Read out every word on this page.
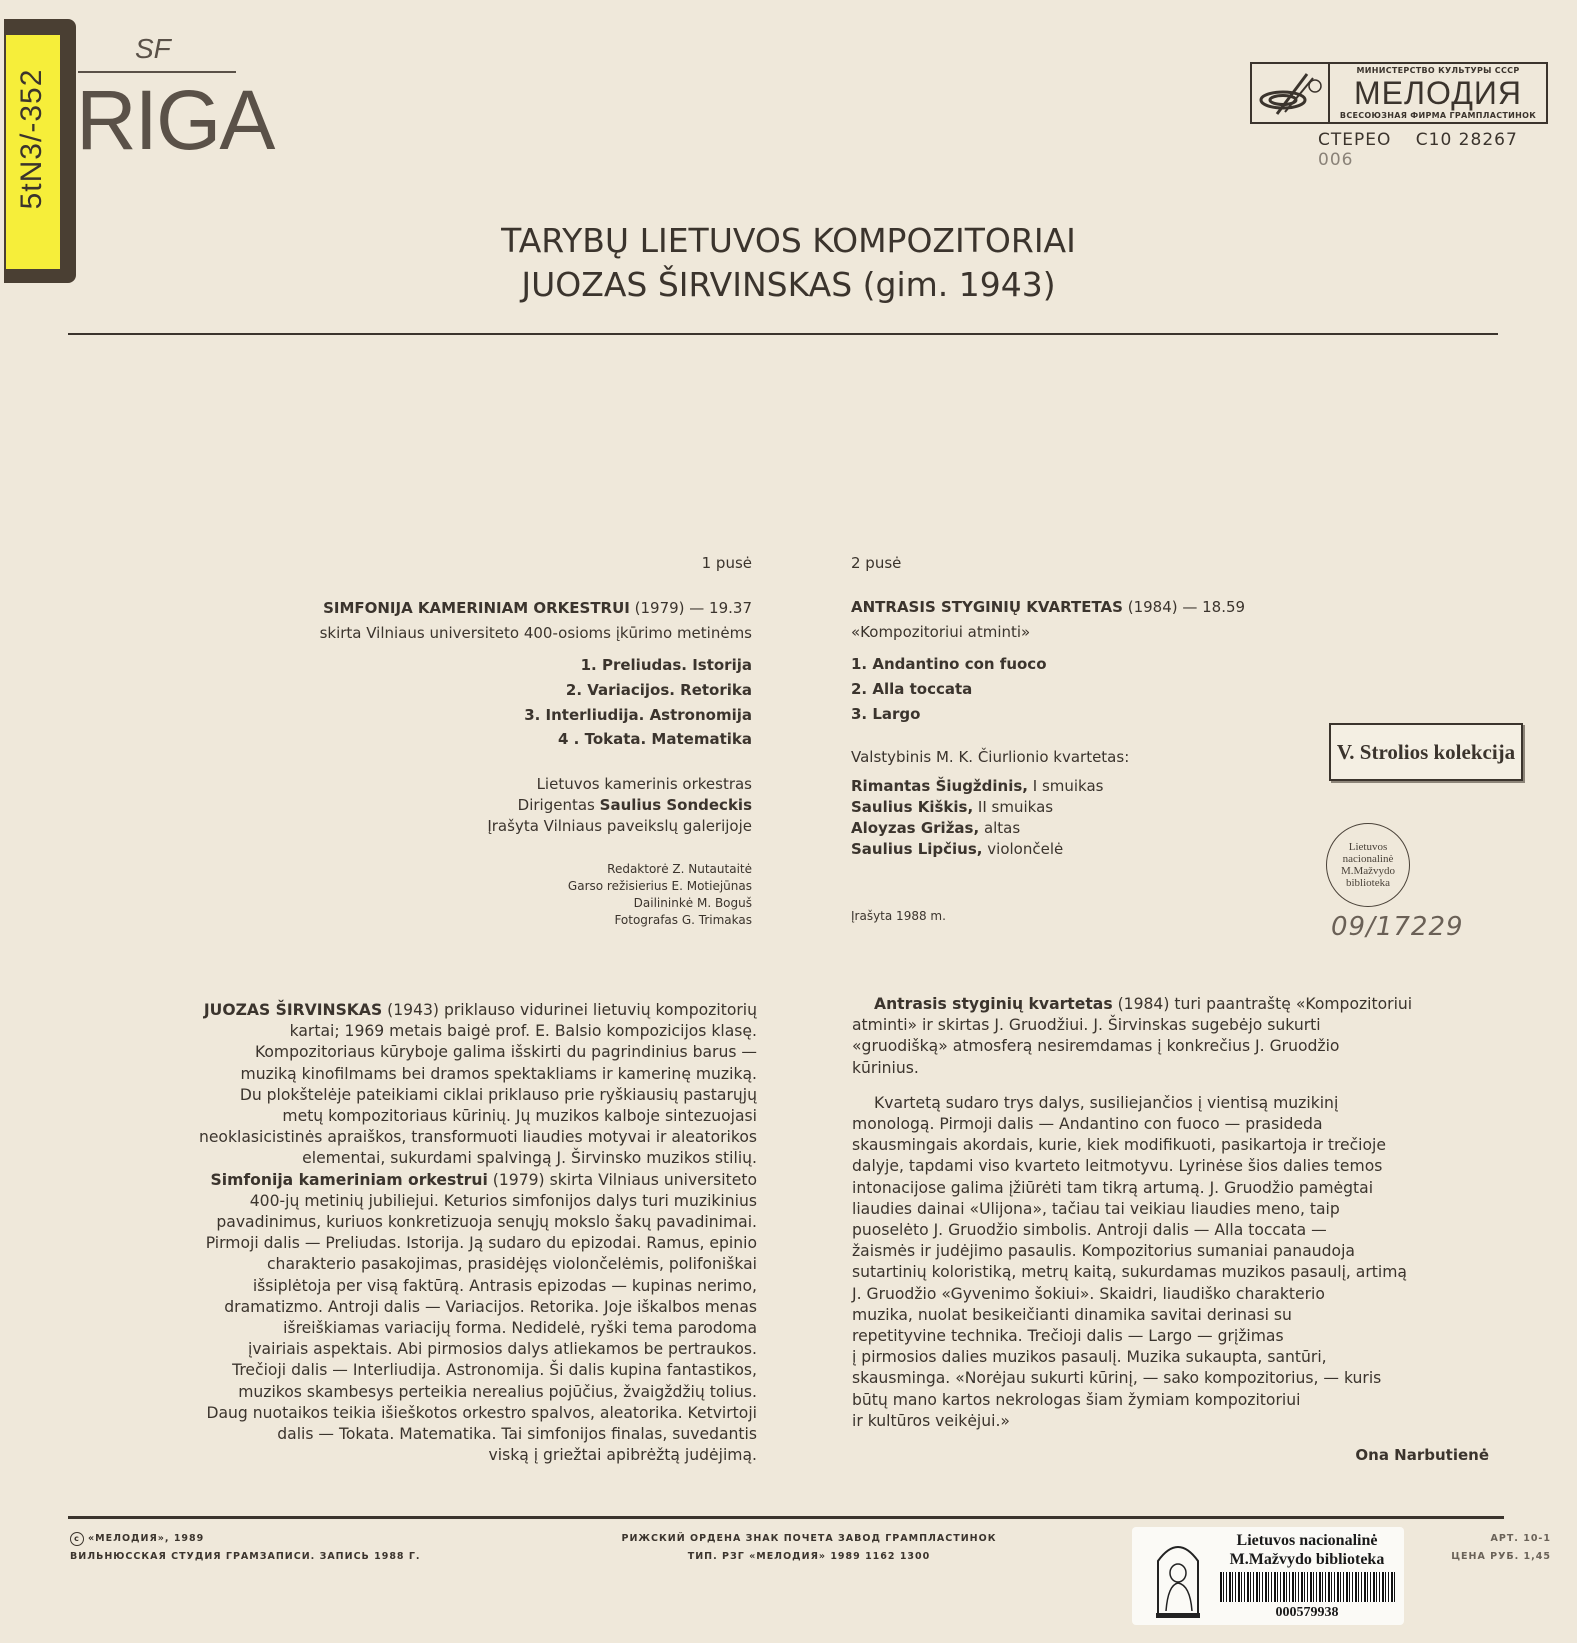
5tN3/-352
SF
RIGA
МИНИСТЕРСТВО КУЛЬТУРЫ СССР
МЕЛОДИЯ
ВСЕСОЮЗНАЯ ФИРМА ГРАМПЛАСТИНОК
СТЕРЕО С10 28267 006
TARYBŲ LIETUVOS KOMPOZITORIAI
JUOZAS ŠIRVINSKAS (gim. 1943)
1 pusė
SIMFONIJA KAMERINIAM ORKESTRUI (1979) — 19.37
skirta Vilniaus universiteto 400-osioms įkūrimo metinėms
1. Preliudas. Istorija
2. Variacijos. Retorika
3. Interliudija. Astronomija
4 . Tokata. Matematika
Lietuvos kamerinis orkestras
Dirigentas Saulius Sondeckis
Įrašyta Vilniaus paveikslų galerijoje
Redaktorė Z. Nutautaitė
Garso režisierius E. Motiejūnas
Dailininkė M. Boguš
Fotografas G. Trimakas
2 pusė
ANTRASIS STYGINIŲ KVARTETAS (1984) — 18.59
«Kompozitoriui atminti»
1. Andantino con fuoco
2. Alla toccata
3. Largo
Valstybinis M. K. Čiurlionio kvartetas:
Rimantas Šiugždinis, I smuikas
Saulius Kiškis, II smuikas
Aloyzas Grižas, altas
Saulius Lipčius, violončelė
Įrašyta 1988 m.
V. Strolios kolekcija
Lietuvos
nacionalinė
M.Mažvydo
biblioteka
09/17229
JUOZAS ŠIRVINSKAS (1943) priklauso vidurinei lietuvių kompozitorių
kartai; 1969 metais baigė prof. E. Balsio kompozicijos klasę.
Kompozitoriaus kūryboje galima išskirti du pagrindinius barus —
muziką kinofilmams bei dramos spektakliams ir kamerinę muziką.
Du plokštelėje pateikiami ciklai priklauso prie ryškiausių pastarųjų
metų kompozitoriaus kūrinių. Jų muzikos kalboje sintezuojasi
neoklasicistinės apraiškos, transformuoti liaudies motyvai ir aleatorikos
elementai, sukurdami spalvingą J. Širvinsko muzikos stilių.
Simfonija kameriniam orkestrui (1979) skirta Vilniaus universiteto
400-jų metinių jubiliejui. Keturios simfonijos dalys turi muzikinius
pavadinimus, kuriuos konkretizuoja senųjų mokslo šakų pavadinimai.
Pirmoji dalis — Preliudas. Istorija. Ją sudaro du epizodai. Ramus, epinio
charakterio pasakojimas, prasidėjęs violončelėmis, polifoniškai
išsiplėtoja per visą faktūrą. Antrasis epizodas — kupinas nerimo,
dramatizmo. Antroji dalis — Variacijos. Retorika. Joje iškalbos menas
išreiškiamas variacijų forma. Nedidelė, ryški tema parodoma
įvairiais aspektais. Abi pirmosios dalys atliekamos be pertraukos.
Trečioji dalis — Interliudija. Astronomija. Ši dalis kupina fantastikos,
muzikos skambesys perteikia nerealius pojūčius, žvaigždžių tolius.
Daug nuotaikos teikia išieškotos orkestro spalvos, aleatorika. Ketvirtoji
dalis — Tokata. Matematika. Tai simfonijos finalas, suvedantis
viską į griežtai apibrėžtą judėjimą.
Antrasis styginių kvartetas (1984) turi paantraštę «Kompozitoriui
atminti» ir skirtas J. Gruodžiui. J. Širvinskas sugebėjo sukurti
«gruodišką» atmosferą nesiremdamas į konkrečius J. Gruodžio
kūrinius.
Kvartetą sudaro trys dalys, susiliejančios į vientisą muzikinį
monologą. Pirmoji dalis — Andantino con fuoco — prasideda
skausmingais akordais, kurie, kiek modifikuoti, pasikartoja ir trečioje
dalyje, tapdami viso kvarteto leitmotyvu. Lyrinėse šios dalies temos
intonacijose galima įžiūrėti tam tikrą artumą. J. Gruodžio pamėgtai
liaudies dainai «Ulijona», tačiau tai veikiau liaudies meno, taip
puoselėto J. Gruodžio simbolis. Antroji dalis — Alla toccata —
žaismės ir judėjimo pasaulis. Kompozitorius sumaniai panaudoja
sutartinių koloristiką, metrų kaitą, sukurdamas muzikos pasaulį, artimą
J. Gruodžio «Gyvenimo šokiui». Skaidri, liaudiško charakterio
muzika, nuolat besikeičianti dinamika savitai derinasi su
repetityvine technika. Trečioji dalis — Largo — grįžimas
į pirmosios dalies muzikos pasaulį. Muzika sukaupta, santūri,
skausminga. «Norėjau sukurti kūrinį, — sako kompozitorius, — kuris
būtų mano kartos nekrologas šiam žymiam kompozitoriui
ir kultūros veikėjui.»
Ona Narbutienė
c «МЕЛОДИЯ», 1989
ВИЛЬНЮССКАЯ СТУДИЯ ГРАМЗАПИСИ. ЗАПИСЬ 1988 Г.
РИЖСКИЙ ОРДЕНА ЗНАК ПОЧЕТА ЗАВОД ГРАМПЛАСТИНОК
ТИП. РЗГ «МЕЛОДИЯ» 1989 1162 1300
АРТ. 10-1
ЦЕНА РУБ. 1,45
Lietuvos nacionalinė
M.Mažvydo biblioteka
000579938
